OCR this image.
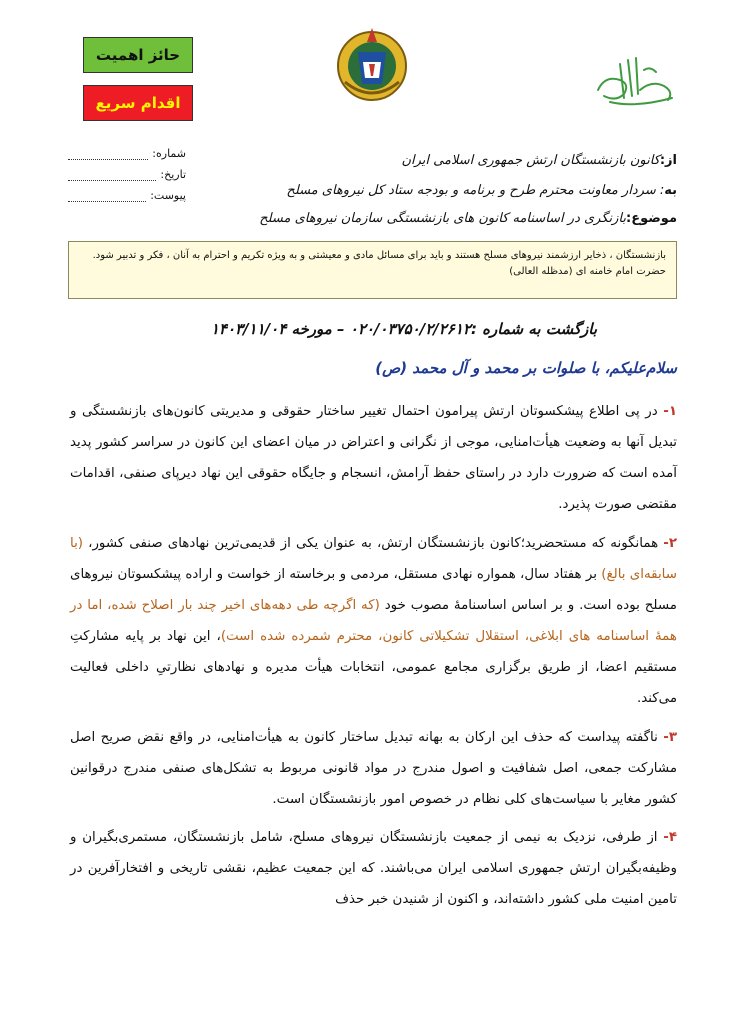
حائز اهمیت
اقدام سریع
شماره:
تاریخ:
پیوست:
از:کانون بازنشستگان ارتش جمهوری اسلامی ایران
به: سردار معاونت محترم طرح و برنامه و بودجه ستاد کل نیروهای مسلح
موضوع:بازنگری در اساسنامه کانون های بازنشستگی سازمان نیروهای مسلح
بازنشستگان ، ذخایر ارزشمند نیروهای مسلح هستند و باید برای مسائل مادی و معیشتی و به ویژه تکریم و احترام به آنان ، فکر و تدبیر شود.
حضرت امام خامنه ای (مدظله العالی)
بازگشت به شماره :۰۲۰/۰۳۷۵۰/۲/۲۶۱۲ – مورخه ۱۴۰۳/۱۱/۰۴
سلام‌علیکم، با صلوات بر محمد و آل محمد (ص)
۱- در پی اطلاع پیشکسوتان ارتش پیرامون احتمال تغییر ساختار حقوقی و مدیریتی کانون‌های بازنشستگی و تبدیل آنها به وضعیت هیأت‌امنایی، موجی از نگرانی و اعتراض در میان اعضای این کانون در سراسر کشور پدید آمده است که ضرورت دارد در راستای حفظ آرامش، انسجام و جایگاه حقوقی این نهاد دیرپای صنفی، اقدامات مقتضی صورت پذیرد.
۲- همانگونه که مستحضرید؛کانون بازنشستگان ارتش، به عنوان یکی از قدیمی‌ترین نهادهای صنفی کشور، (با سابقه‌ای بالغ) بر هفتاد سال، همواره نهادی مستقل، مردمی و برخاسته از خواست و اراده پیشکسوتان نیروهای مسلح بوده است. و بر اساس اساسنامهٔ مصوب خود (که اگرچه طی دهه‌های اخیر چند بار اصلاح شده، اما در همهٔ اساسنامه های ابلاغی، استقلال تشکیلاتی کانون، محترم شمرده شده است)، این نهاد بر پایه مشارکتِ مستقیم اعضا، از طریق برگزاری مجامع عمومی، انتخابات هیأت مدیره و نهادهای نظارتیِ داخلی فعالیت می‌کند.
۳- ناگفته پیداست که حذف این ارکان به بهانه تبدیل ساختار کانون به هیأت‌امنایی، در واقع نقض صریح اصل مشارکت جمعی، اصل شفافیت و اصول مندرج در مواد قانونی مربوط به تشکل‌های صنفی مندرج درقوانین کشور مغایر با سیاست‌های کلی نظام در خصوص امور بازنشستگان است.
۴- از طرفی، نزدیک به نیمی از جمعیت بازنشستگان نیروهای مسلح، شامل بازنشستگان، مستمری‌بگیران و وظیفه‌بگیران ارتش جمهوری اسلامی ایران می‌باشند. که این جمعیت عظیم، نقشی تاریخی و افتخارآفرین در تامین امنیت ملی کشور داشته‌اند، و اکنون از شنیدن خبر حذف
